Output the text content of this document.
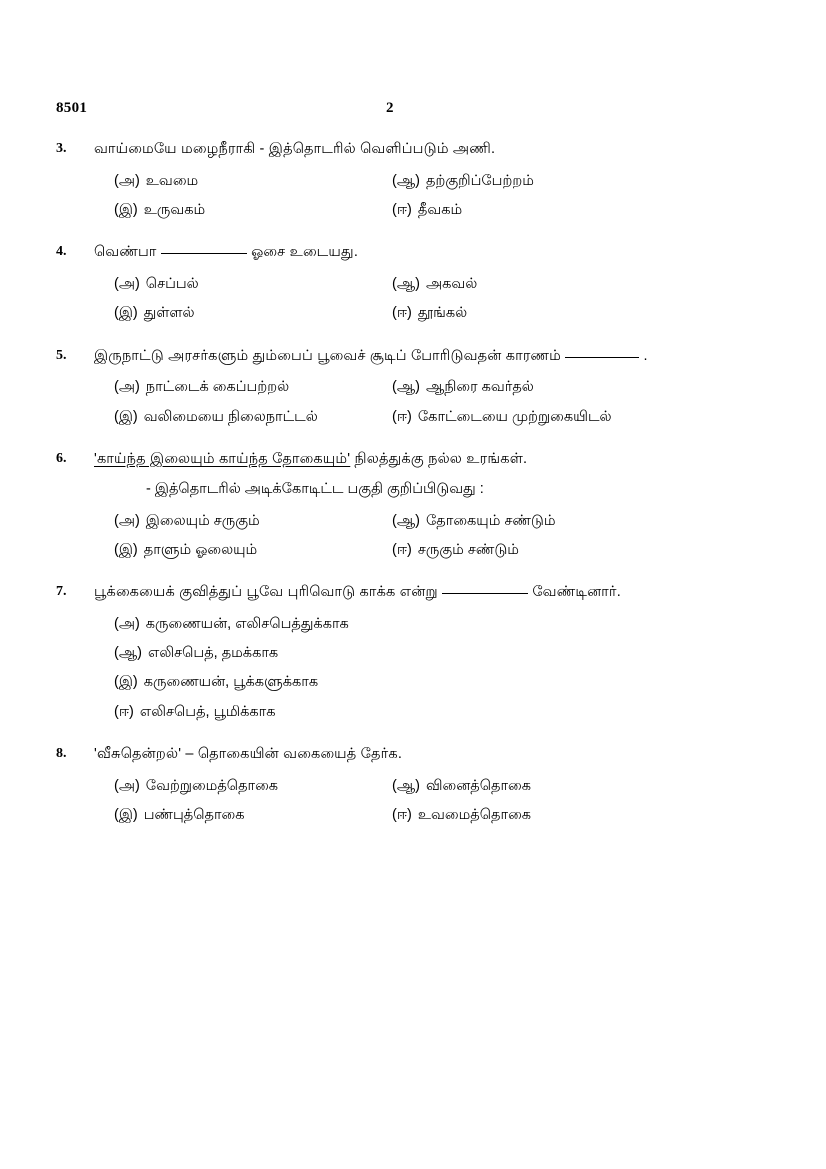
8501	2
3.	வாய்மையே மழைநீராகி - இத்தொடரில் வெளிப்படும் அணி.
(அ) உவமை	(ஆ) தற்குறிப்பேற்றம்
(இ) உருவகம்	(ஈ) தீவகம்
4.	வெண்பா	ஓசை உடையது.
(அ) செப்பல்	(ஆ) அகவல்
(இ) துள்ளல்	(ஈ) தூங்கல்
5.	இருநாட்டு அரசர்களும் தும்பைப் பூவைச் சூடிப் போரிடுவதன் காரணம்	.
(அ) நாட்டைக் கைப்பற்றல்	(ஆ) ஆநிரை கவர்தல்
(இ) வலிமையை நிலைநாட்டல்	(ஈ) கோட்டையை முற்றுகையிடல்
6.	'காய்ந்த இலையும் காய்ந்த தோகையும்' நிலத்துக்கு நல்ல உரங்கள்.
- இத்தொடரில் அடிக்கோடிட்ட பகுதி குறிப்பிடுவது :
(அ) இலையும் சருகும்	(ஆ) தோகையும் சண்டும்
(இ) தாளும் ஓலையும்	(ஈ) சருகும் சண்டும்
7.	பூக்கையைக் குவித்துப் பூவே புரிவொடு காக்க என்று	வேண்டினார்.
(அ) கருணையன், எலிசபெத்துக்காக
(ஆ) எலிசபெத், தமக்காக
(இ) கருணையன், பூக்களுக்காக
(ஈ) எலிசபெத், பூமிக்காக
8.	'வீசுதென்றல்' – தொகையின் வகையைத் தேர்க.
(அ) வேற்றுமைத்தொகை	(ஆ) வினைத்தொகை
(இ) பண்புத்தொகை	(ஈ) உவமைத்தொகை
